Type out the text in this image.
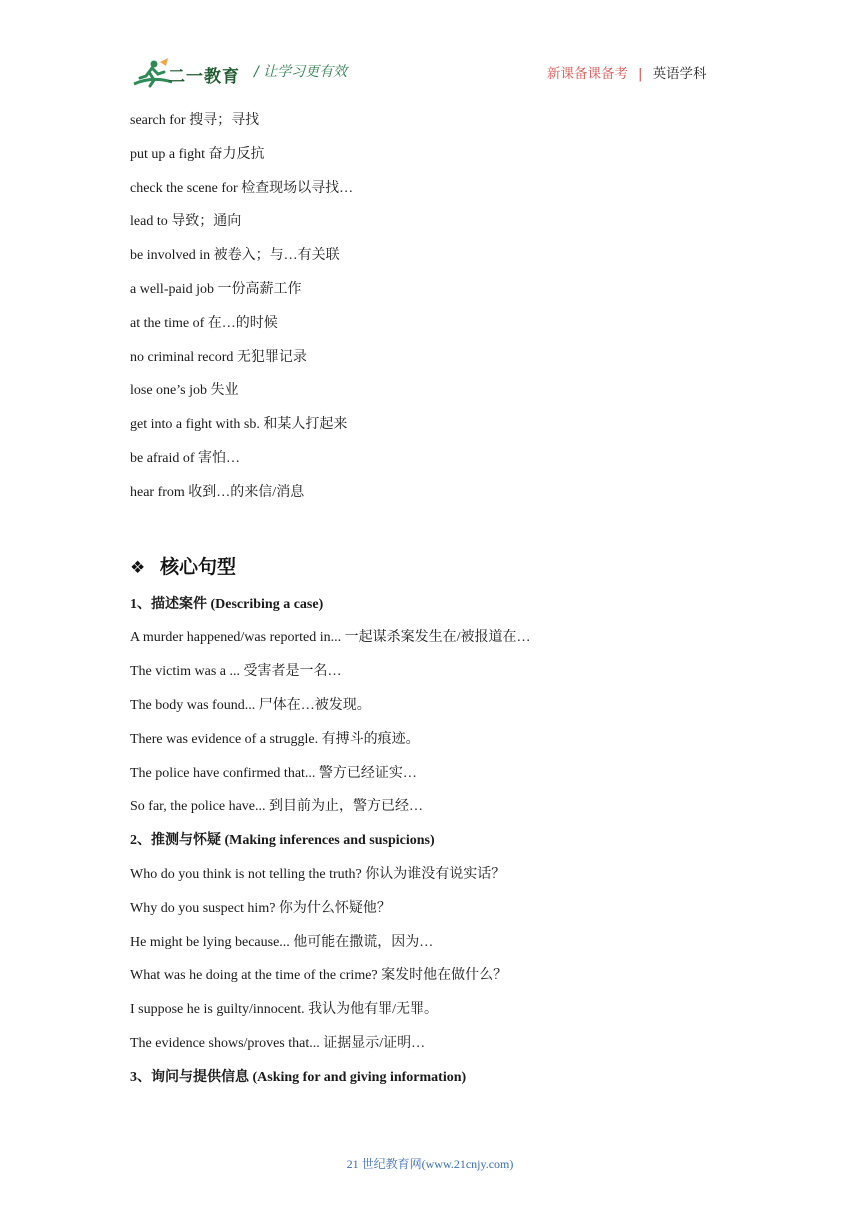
二一教育 / 让学习更有效	新课备课备考 | 英语学科
search for 搜寻；寻找
put up a fight 奋力反抗
check the scene for 检查现场以寻找…
lead to 导致；通向
be involved in 被卷入；与…有关联
a well-paid job 一份高薪工作
at the time of 在…的时候
no criminal record 无犯罪记录
lose one’s job 失业
get into a fight with sb. 和某人打起来
be afraid of 害怕…
hear from 收到…的来信/消息
❖ 核心句型
1、描述案件 (Describing a case)
A murder happened/was reported in... 一起谋杀案发生在/被报道在…
The victim was a ... 受害者是一名…
The body was found... 尸体在…被发现。
There was evidence of a struggle. 有搏斗的痕迹。
The police have confirmed that... 警方已经证实…
So far, the police have... 到目前为止，警方已经…
2、推测与怀疑 (Making inferences and suspicions)
Who do you think is not telling the truth? 你认为谁没有说实话？
Why do you suspect him? 你为什么怀疑他？
He might be lying because... 他可能在撒谎，因为…
What was he doing at the time of the crime? 案发时他在做什么？
I suppose he is guilty/innocent. 我认为他有罪/无罪。
The evidence shows/proves that... 证据显示/证明…
3、询问与提供信息 (Asking for and giving information)
21 世纪教育网(www.21cnjy.com)
